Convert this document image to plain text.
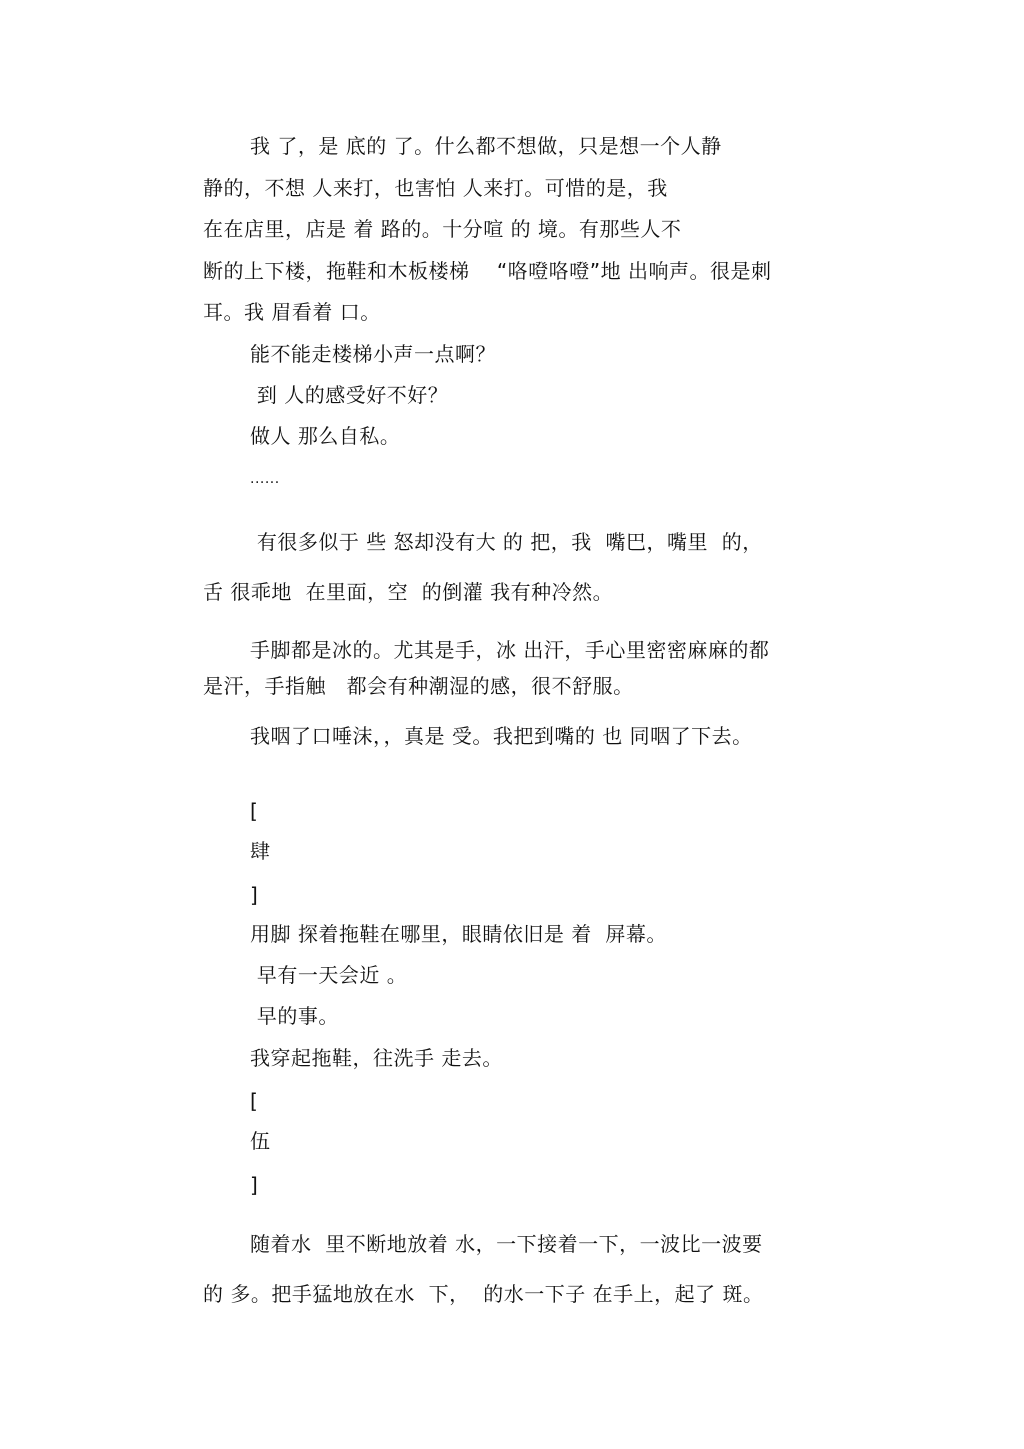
我 了，是 底的 了。什么都不想做，只是想一个人静
静的，不想 人来打，也害怕 人来打。可惜的是，我
在在店里，店是 着 路的。十分喧 的 境。有那些人不
断的上下楼，拖鞋和木板楼梯    “咯噔咯噔”地 出响声。很是刺
耳。我 眉看着 口。
能不能走楼梯小声一点啊？
到 人的感受好不好？
做人 那么自私。
......
有很多似于 些 怒却没有大 的 把，我  嘴巴，嘴里  的，
舌 很乖地  在里面，空  的倒灌 我有种冷然。
手脚都是冰的。尤其是手，冰 出汗，手心里密密麻麻的都
是汗，手指触   都会有种潮湿的感，很不舒服。
我咽了口唾沫，，真是 受。我把到嘴的 也 同咽了下去。
[
肆
]
用脚 探着拖鞋在哪里，眼睛依旧是 着  屏幕。
早有一天会近 。
早的事。
我穿起拖鞋，往洗手 走去。
[
伍
]
随着水  里不断地放着 水，一下接着一下，一波比一波要
的 多。把手猛地放在水  下，  的水一下子 在手上，起了 斑。
